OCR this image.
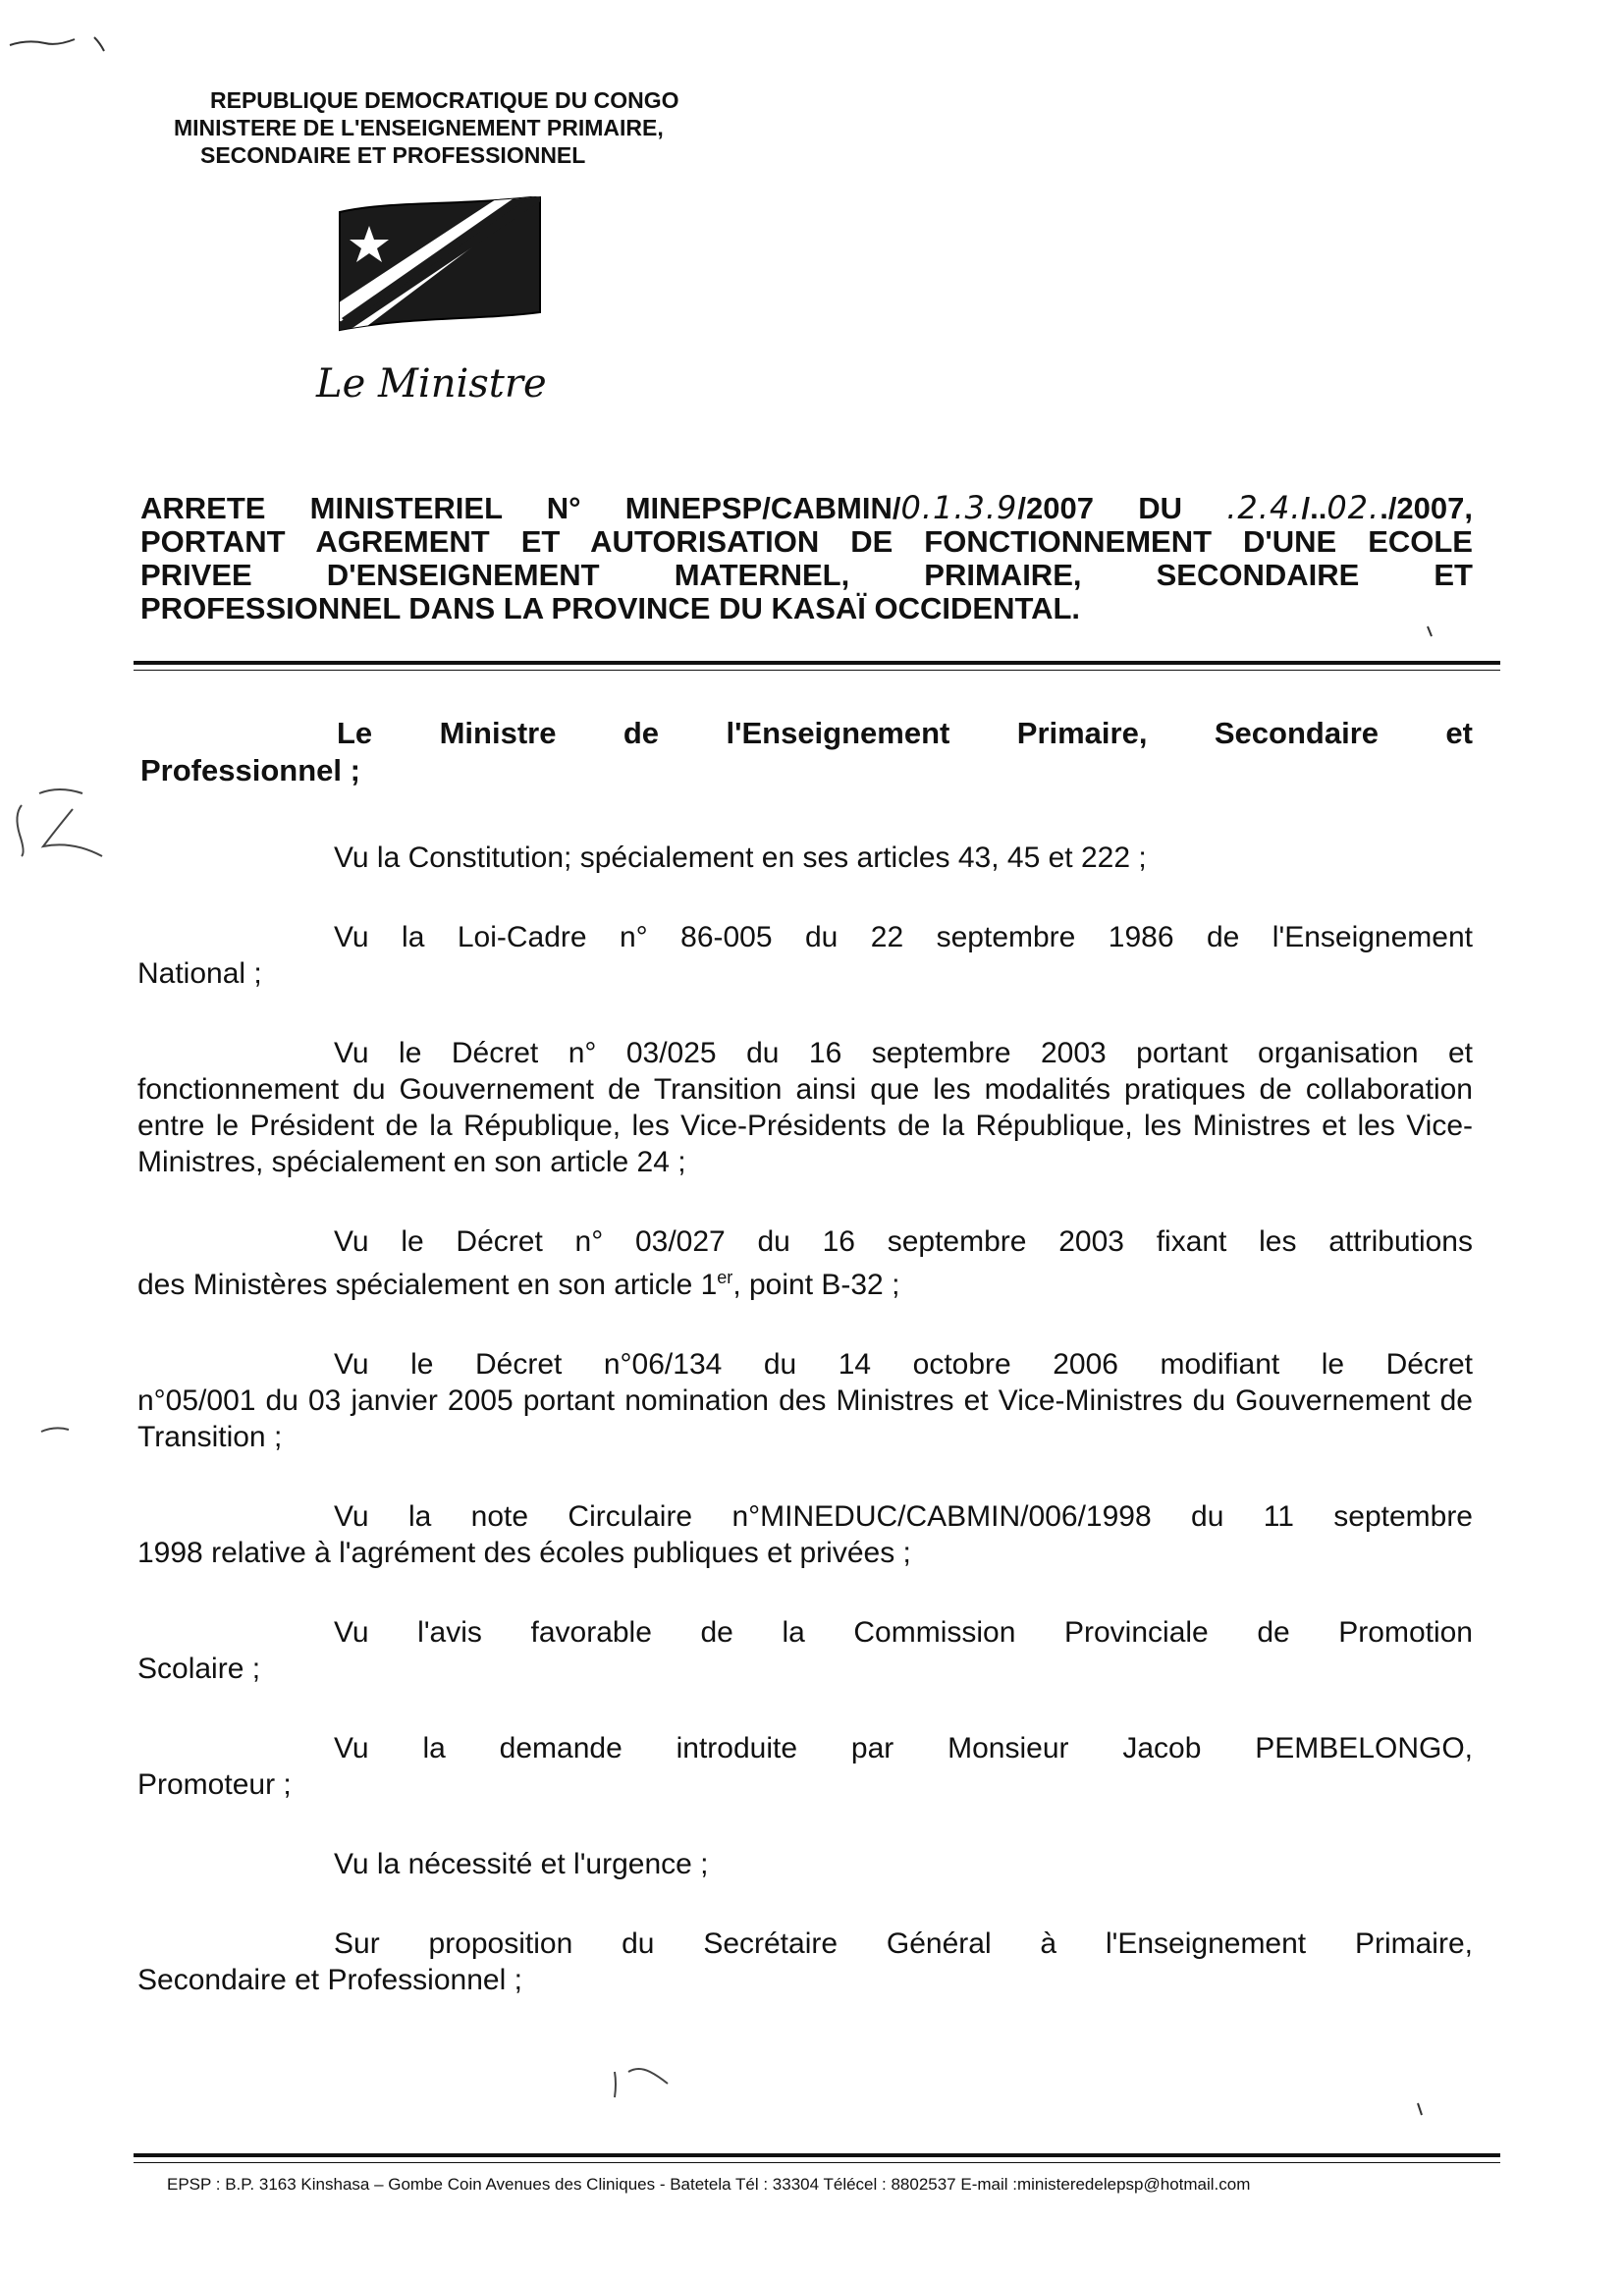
REPUBLIQUE DEMOCRATIQUE DU CONGO
MINISTERE DE L'ENSEIGNEMENT PRIMAIRE,
SECONDAIRE ET PROFESSIONNEL
Le Ministre
ARRETE MINISTERIEL N° MINEPSP/CABMIN/0.1.3.9/2007 DU .2.4./..02../2007,
PORTANT AGREMENT ET AUTORISATION DE FONCTIONNEMENT D'UNE ECOLE
PRIVEE D'ENSEIGNEMENT MATERNEL, PRIMAIRE, SECONDAIRE ET
PROFESSIONNEL DANS LA PROVINCE DU KASAÏ OCCIDENTAL.
Le Ministre de l'Enseignement Primaire, Secondaire et
Professionnel ;

Vu la Constitution; spécialement en ses articles 43, 45 et 222 ;

Vu la Loi-Cadre n° 86-005 du 22 septembre 1986 de l'Enseignement
National ;

Vu le Décret n° 03/025 du 16 septembre 2003 portant organisation et
fonctionnement du Gouvernement de Transition ainsi que les modalités pratiques de collaboration entre le Président de la République, les Vice-Présidents de la République, les Ministres et les Vice-Ministres, spécialement en son article 24 ;

Vu le Décret n° 03/027 du 16 septembre 2003 fixant les attributions
des Ministères spécialement en son article 1er, point B-32 ;

Vu le Décret n°06/134 du 14 octobre 2006 modifiant le Décret
n°05/001 du 03 janvier 2005 portant nomination des Ministres et Vice-Ministres du Gouvernement de Transition ;

Vu la note Circulaire n°MINEDUC/CABMIN/006/1998 du 11 septembre
1998 relative à l'agrément des écoles publiques et privées ;

Vu l'avis favorable de la Commission Provinciale de Promotion
Scolaire ;

Vu la demande introduite par Monsieur Jacob PEMBELONGO,
Promoteur ;

Vu la nécessité et l'urgence ;

Sur proposition du Secrétaire Général à l'Enseignement Primaire,
Secondaire et Professionnel ;

EPSP : B.P. 3163 Kinshasa – Gombe Coin Avenues des Cliniques - Batetela Tél : 33304 Télécel : 8802537 E-mail :ministeredelepsp@hotmail.com
